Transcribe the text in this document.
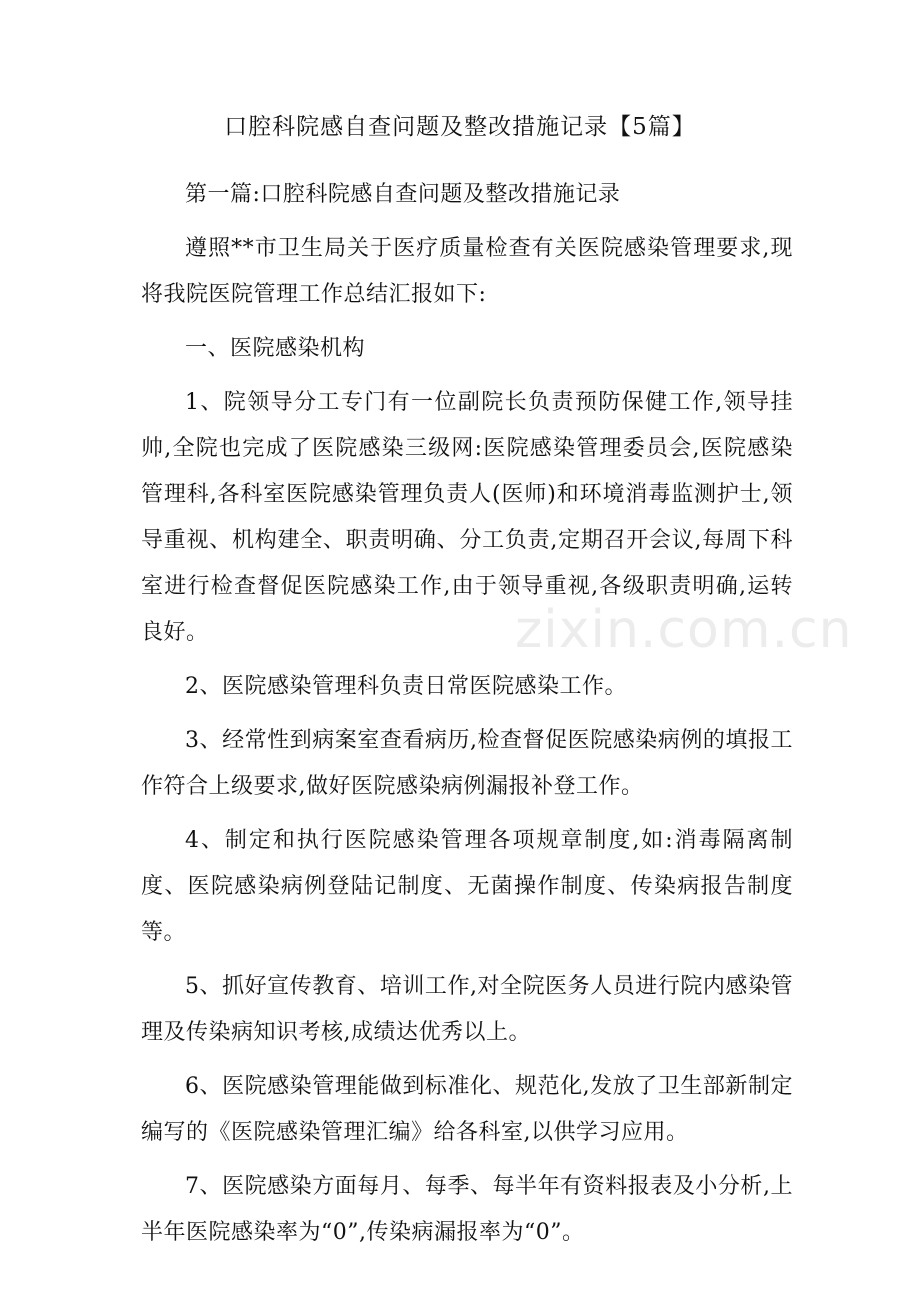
zixin.com.cn
口腔科院感自查问题及整改措施记录【5篇】

第一篇:口腔科院感自查问题及整改措施记录

遵照**市卫生局关于医疗质量检查有关医院感染管理要求,现将我院医院管理工作总结汇报如下:

一、医院感染机构

1、院领导分工专门有一位副院长负责预防保健工作,领导挂帅,全院也完成了医院感染三级网:医院感染管理委员会,医院感染管理科,各科室医院感染管理负责人(医师)和环境消毒监测护士,领导重视、机构建全、职责明确、分工负责,定期召开会议,每周下科室进行检查督促医院感染工作,由于领导重视,各级职责明确,运转良好。

2、医院感染管理科负责日常医院感染工作。

3、经常性到病案室查看病历,检查督促医院感染病例的填报工作符合上级要求,做好医院感染病例漏报补登工作。

4、制定和执行医院感染管理各项规章制度,如:消毒隔离制度、医院感染病例登陆记制度、无菌操作制度、传染病报告制度等。

5、抓好宣传教育、培训工作,对全院医务人员进行院内感染管理及传染病知识考核,成绩达优秀以上。

6、医院感染管理能做到标准化、规范化,发放了卫生部新制定编写的《医院感染管理汇编》给各科室,以供学习应用。

7、医院感染方面每月、每季、每半年有资料报表及小分析,上半年医院感染率为“0”,传染病漏报率为“0”。
